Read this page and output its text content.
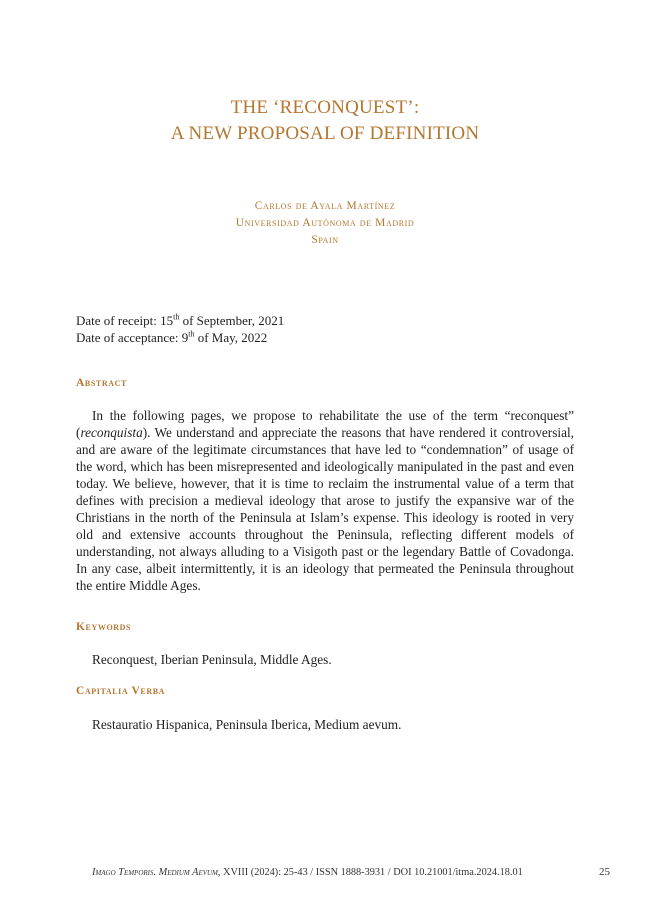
THE ‘RECONQUEST’:
A NEW PROPOSAL OF DEFINITION
Carlos de Ayala Martínez
Universidad Autónoma de Madrid
Spain
Date of receipt: 15th of September, 2021
Date of acceptance: 9th of May, 2022
Abstract

In the following pages, we propose to rehabilitate the use of the term “reconquest” (reconquista). We understand and appreciate the reasons that have rendered it controversial, and are aware of the legitimate circumstances that have led to “condemnation” of usage of the word, which has been misrepresented and ideologically manipulated in the past and even today. We believe, however, that it is time to reclaim the instrumental value of a term that defines with precision a medieval ideology that arose to justify the expansive war of the Christians in the north of the Peninsula at Islam’s expense. This ideology is rooted in very old and extensive accounts throughout the Peninsula, reflecting different models of understanding, not always alluding to a Visigoth past or the legendary Battle of Covadonga. In any case, albeit intermittently, it is an ideology that permeated the Peninsula throughout the entire Middle Ages.

Keywords
Reconquest, Iberian Peninsula, Middle Ages.
Capitalia Verba
Restauratio Hispanica, Peninsula Iberica, Medium aevum.
Imago Temporis. Medium Aevum, XVIII (2024): 25-43 / ISSN 1888-3931 / DOI 10.21001/itma.2024.18.01	25
